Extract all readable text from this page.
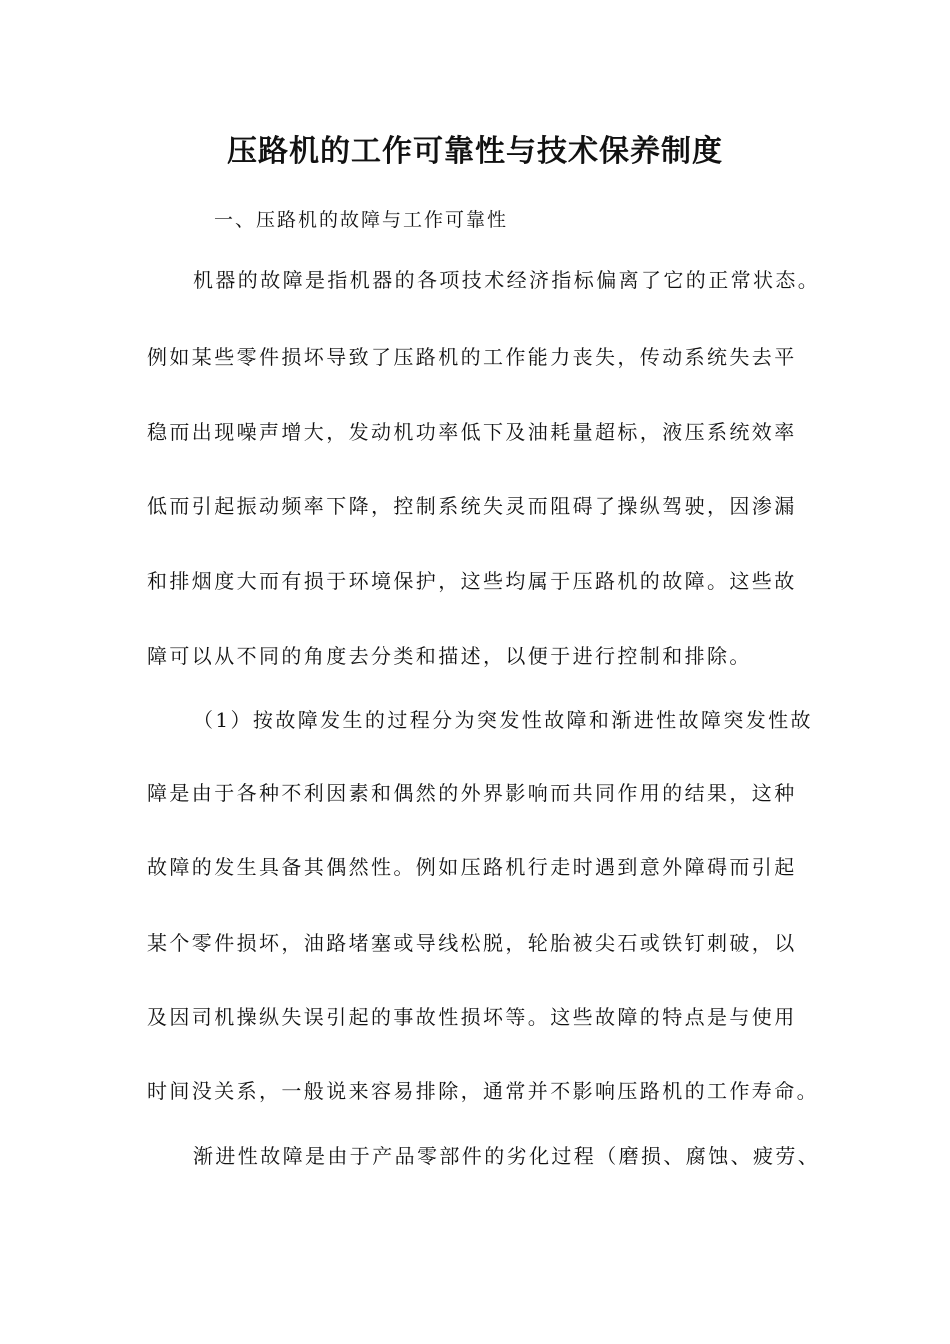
压路机的工作可靠性与技术保养制度
一、压路机的故障与工作可靠性
机器的故障是指机器的各项技术经济指标偏离了它的正常状态。
例如某些零件损坏导致了压路机的工作能力丧失，传动系统失去平
稳而出现噪声增大，发动机功率低下及油耗量超标，液压系统效率
低而引起振动频率下降，控制系统失灵而阻碍了操纵驾驶，因渗漏
和排烟度大而有损于环境保护，这些均属于压路机的故障。这些故
障可以从不同的角度去分类和描述，以便于进行控制和排除。
（1）按故障发生的过程分为突发性故障和渐进性故障突发性故
障是由于各种不利因素和偶然的外界影响而共同作用的结果，这种
故障的发生具备其偶然性。例如压路机行走时遇到意外障碍而引起
某个零件损坏，油路堵塞或导线松脱，轮胎被尖石或铁钉刺破，以
及因司机操纵失误引起的事故性损坏等。这些故障的特点是与使用
时间没关系，一般说来容易排除，通常并不影响压路机的工作寿命。
渐进性故障是由于产品零部件的劣化过程（磨损、腐蚀、疲劳、
